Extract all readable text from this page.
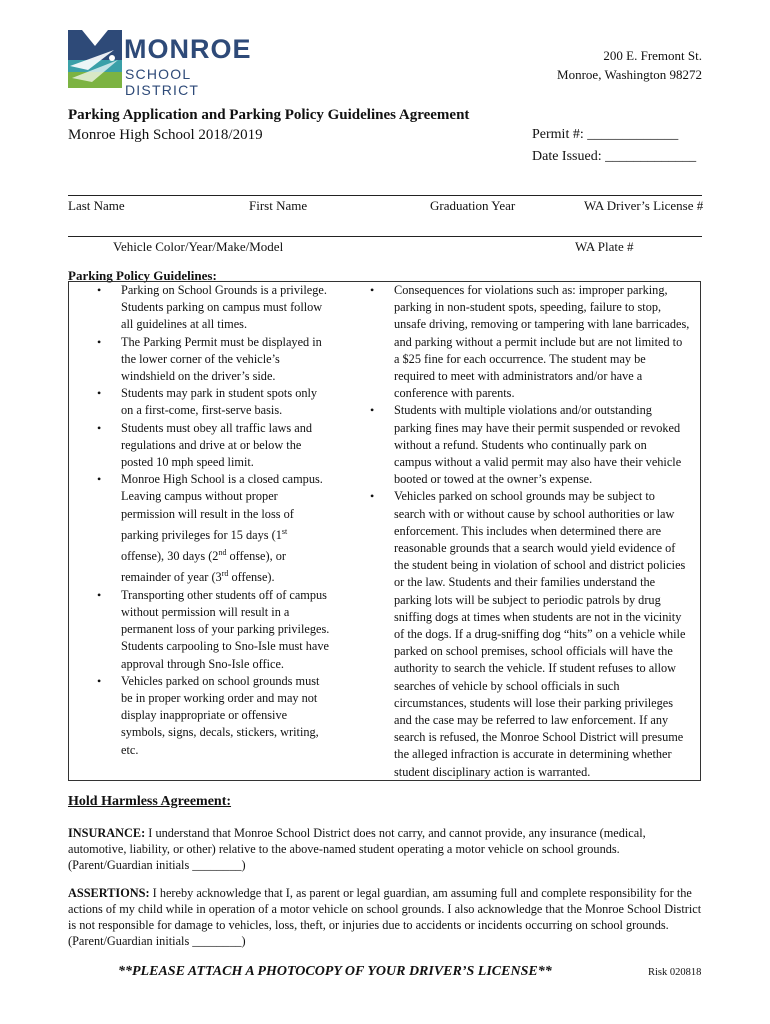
MONROE
SCHOOL DISTRICT
200 E. Fremont St.
Monroe, Washington 98272
Parking Application and Parking Policy Guidelines Agreement
Monroe High School 2018/2019	Permit #: _____________
Date Issued: _____________
Last Name	First Name	Graduation Year	WA Driver’s License #
Vehicle Color/Year/Make/Model	WA Plate #
Parking Policy Guidelines:
• Parking on School Grounds is a privilege.
Students parking on campus must follow
all guidelines at all times.
• The Parking Permit must be displayed in
the lower corner of the vehicle’s
windshield on the driver’s side.
• Students may park in student spots only
on a first-come, first-serve basis.
• Students must obey all traffic laws and
regulations and drive at or below the
posted 10 mph speed limit.
• Monroe High School is a closed campus.
Leaving campus without proper
permission will result in the loss of
parking privileges for 15 days (1st
offense), 30 days (2nd offense), or
remainder of year (3rd offense).
• Transporting other students off of campus
without permission will result in a
permanent loss of your parking privileges.
Students carpooling to Sno-Isle must have
approval through Sno-Isle office.
• Vehicles parked on school grounds must
be in proper working order and may not
display inappropriate or offensive
symbols, signs, decals, stickers, writing,
etc.
• Consequences for violations such as: improper parking,
parking in non-student spots, speeding, failure to stop,
unsafe driving, removing or tampering with lane barricades,
and parking without a permit include but are not limited to
a $25 fine for each occurrence. The student may be
required to meet with administrators and/or have a
conference with parents.
• Students with multiple violations and/or outstanding
parking fines may have their permit suspended or revoked
without a refund. Students who continually park on
campus without a valid permit may also have their vehicle
booted or towed at the owner’s expense.
• Vehicles parked on school grounds may be subject to
search with or without cause by school authorities or law
enforcement. This includes when determined there are
reasonable grounds that a search would yield evidence of
the student being in violation of school and district policies
or the law. Students and their families understand the
parking lots will be subject to periodic patrols by drug
sniffing dogs at times when students are not in the vicinity
of the dogs. If a drug-sniffing dog “hits” on a vehicle while
parked on school premises, school officials will have the
authority to search the vehicle. If student refuses to allow
searches of vehicle by school officials in such
circumstances, students will lose their parking privileges
and the case may be referred to law enforcement. If any
search is refused, the Monroe School District will presume
the alleged infraction is accurate in determining whether
student disciplinary action is warranted.
Hold Harmless Agreement:
INSURANCE: I understand that Monroe School District does not carry, and cannot provide, any insurance (medical, automotive, liability, or other) relative to the above-named student operating a motor vehicle on school grounds. (Parent/Guardian initials ________)
ASSERTIONS: I hereby acknowledge that I, as parent or legal guardian, am assuming full and complete responsibility for the actions of my child while in operation of a motor vehicle on school grounds. I also acknowledge that the Monroe School District is not responsible for damage to vehicles, loss, theft, or injuries due to accidents or incidents occurring on school grounds. (Parent/Guardian initials ________)
**PLEASE ATTACH A PHOTOCOPY OF YOUR DRIVER’S LICENSE**	Risk 020818
